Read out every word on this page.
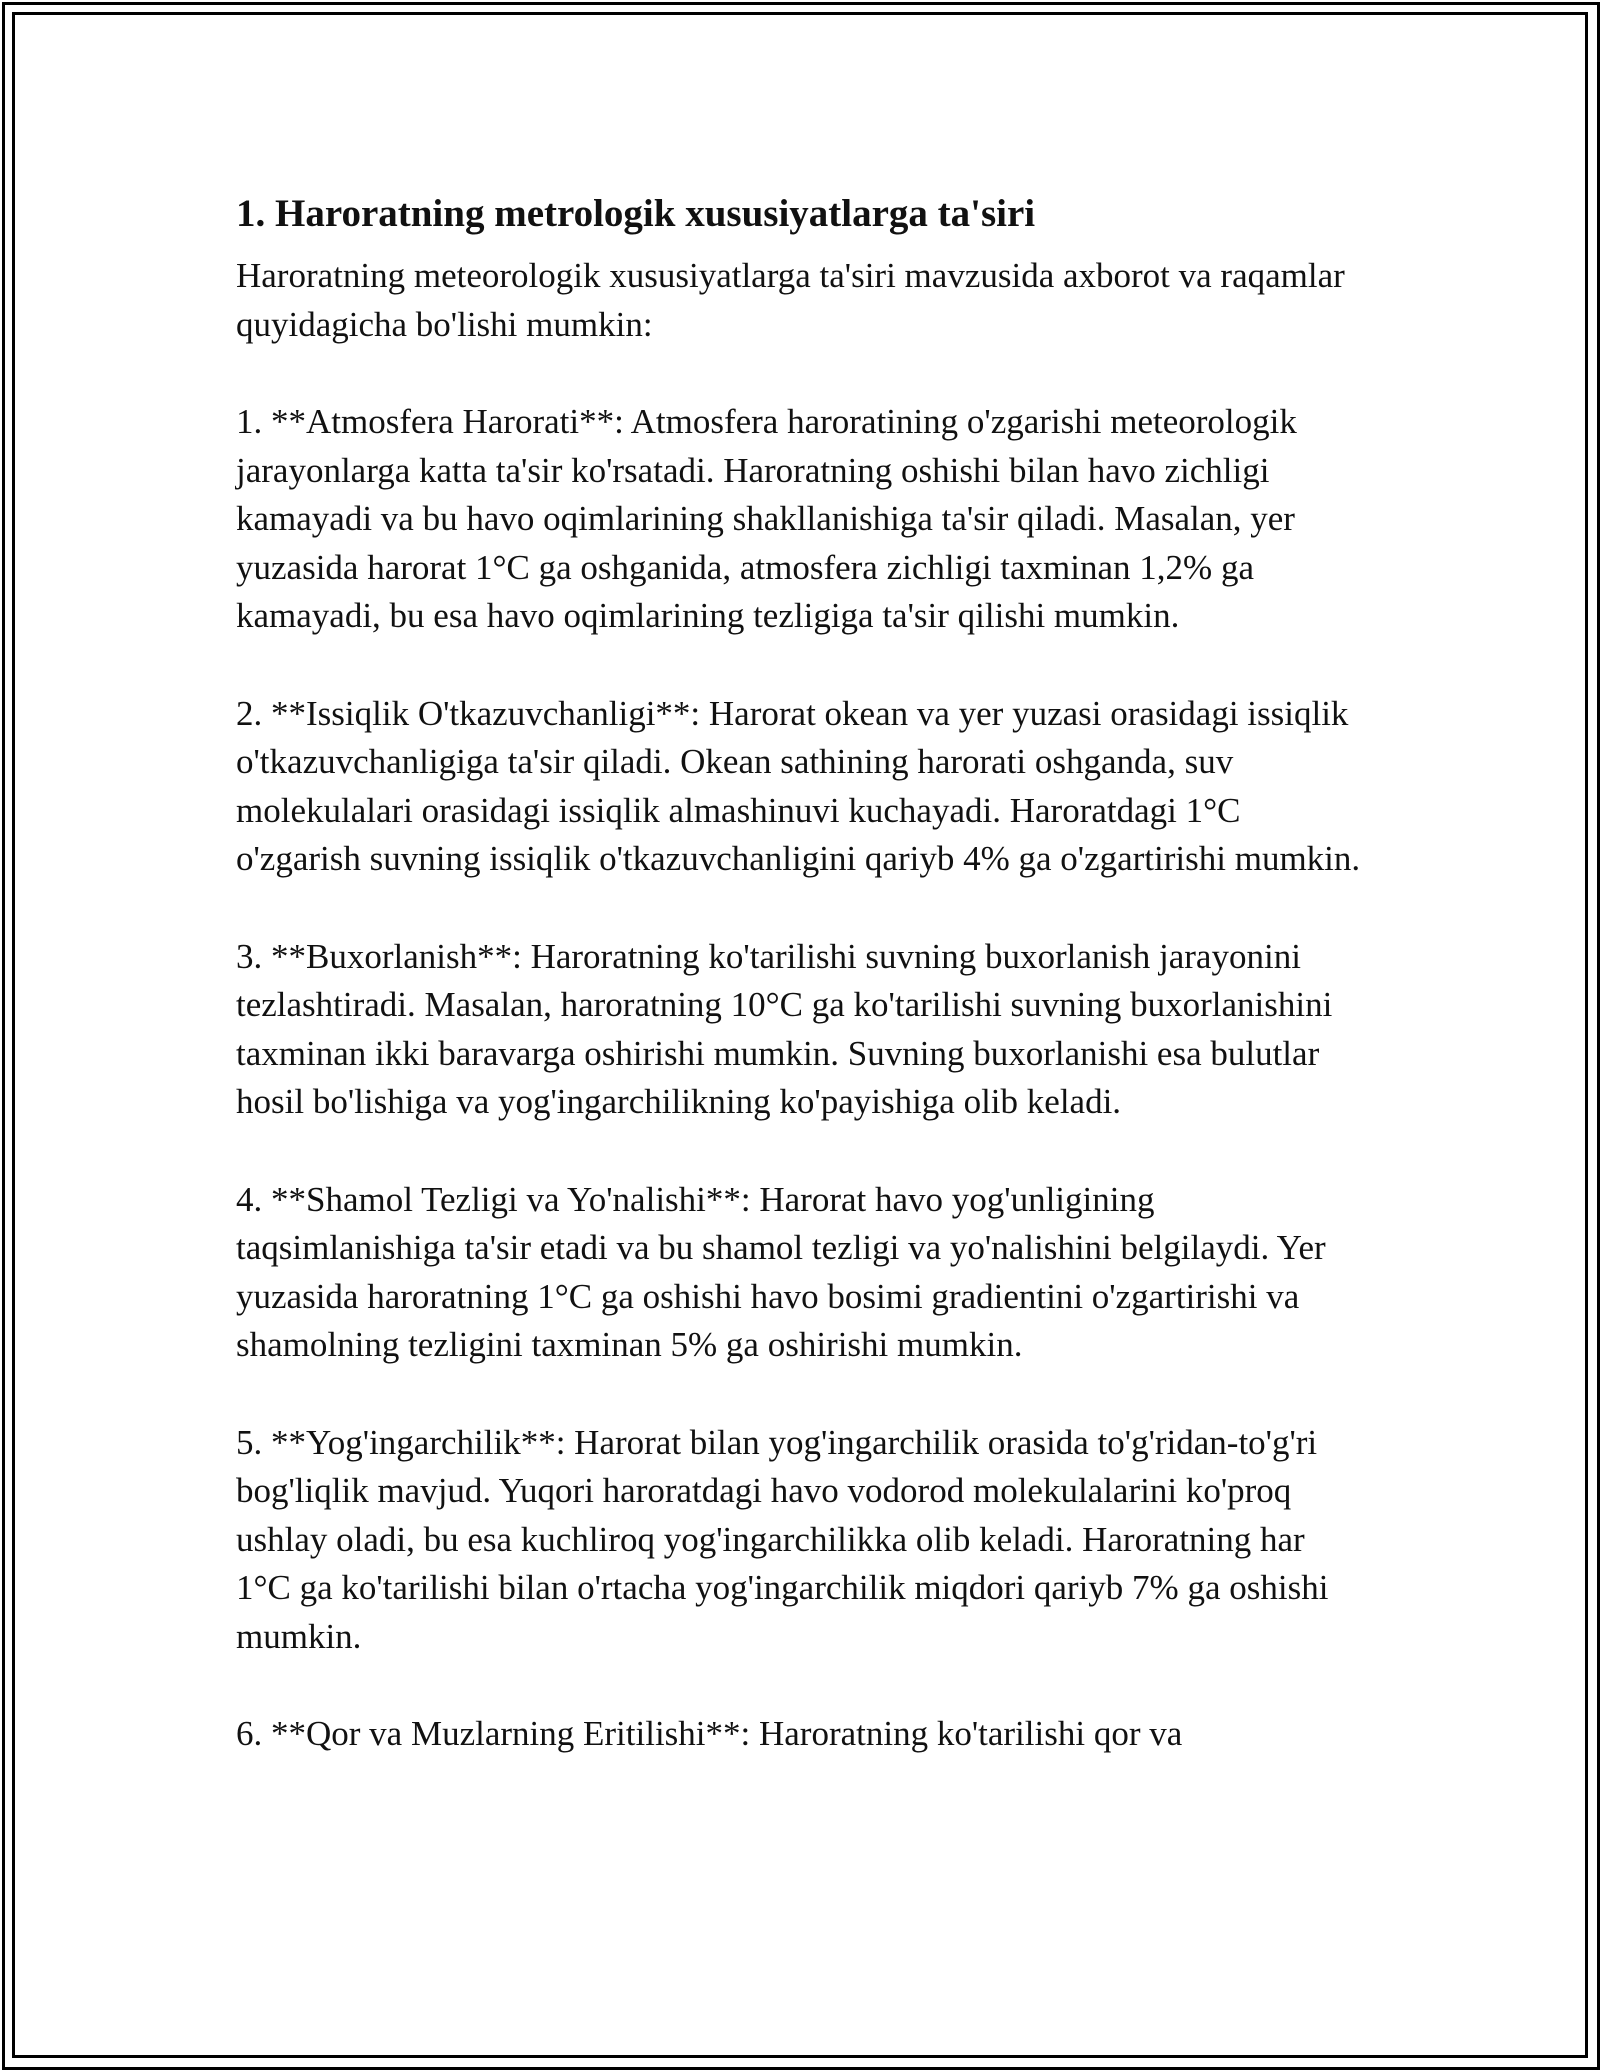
1. Haroratning metrologik xususiyatlarga ta'siri

Haroratning meteorologik xususiyatlarga ta'siri mavzusida axborot va raqamlar quyidagicha bo'lishi mumkin:

1. **Atmosfera Harorati**: Atmosfera haroratining o'zgarishi meteorologik jarayonlarga katta ta'sir ko'rsatadi. Haroratning oshishi bilan havo zichligi kamayadi va bu havo oqimlarining shakllanishiga ta'sir qiladi. Masalan, yer yuzasida harorat 1°C ga oshganida, atmosfera zichligi taxminan 1,2% ga kamayadi, bu esa havo oqimlarining tezligiga ta'sir qilishi mumkin.

2. **Issiqlik O'tkazuvchanligi**: Harorat okean va yer yuzasi orasidagi issiqlik o'tkazuvchanligiga ta'sir qiladi. Okean sathining harorati oshganda, suv molekulalari orasidagi issiqlik almashinuvi kuchayadi. Haroratdagi 1°C o'zgarish suvning issiqlik o'tkazuvchanligini qariyb 4% ga o'zgartirishi mumkin.

3. **Buxorlanish**: Haroratning ko'tarilishi suvning buxorlanish jarayonini tezlashtiradi. Masalan, haroratning 10°C ga ko'tarilishi suvning buxorlanishini taxminan ikki baravarga oshirishi mumkin. Suvning buxorlanishi esa bulutlar hosil bo'lishiga va yog'ingarchilikning ko'payishiga olib keladi.

4. **Shamol Tezligi va Yo'nalishi**: Harorat havo yog'unligining taqsimlanishiga ta'sir etadi va bu shamol tezligi va yo'nalishini belgilaydi. Yer yuzasida haroratning 1°C ga oshishi havo bosimi gradientini o'zgartirishi va shamolning tezligini taxminan 5% ga oshirishi mumkin.

5. **Yog'ingarchilik**: Harorat bilan yog'ingarchilik orasida to'g'ridan-to'g'ri bog'liqlik mavjud. Yuqori haroratdagi havo vodorod molekulalarini ko'proq ushlay oladi, bu esa kuchliroq yog'ingarchilikka olib keladi. Haroratning har 1°C ga ko'tarilishi bilan o'rtacha yog'ingarchilik miqdori qariyb 7% ga oshishi mumkin.

6. **Qor va Muzlarning Eritilishi**: Haroratning ko'tarilishi qor va
